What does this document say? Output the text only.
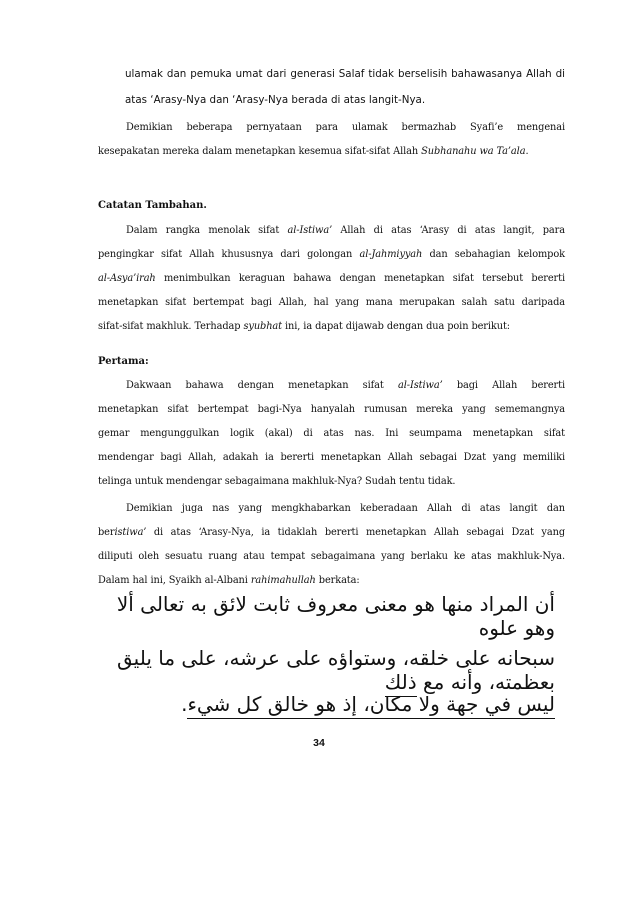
ulamak dan pemuka umat dari generasi Salaf tidak berselisih bahawasanya Allah di
atas ‘Arasy-Nya dan ‘Arasy-Nya berada di atas langit-Nya.
Demikian beberapa pernyataan para ulamak bermazhab Syafi’e mengenai
kesepakatan mereka dalam menetapkan kesemua sifat-sifat Allah Subhanahu wa Ta’ala.
Catatan Tambahan.
Dalam rangka menolak sifat al-Istiwa’ Allah di atas ‘Arasy di atas langit, para
pengingkar sifat Allah khususnya dari golongan al-Jahmiyyah dan sebahagian kelompok
al-Asya’irah menimbulkan keraguan bahawa dengan menetapkan sifat tersebut bererti
menetapkan sifat bertempat bagi Allah, hal yang mana merupakan salah satu daripada
sifat-sifat makhluk. Terhadap syubhat ini, ia dapat dijawab dengan dua poin berikut:
Pertama:
Dakwaan bahawa dengan menetapkan sifat al-Istiwa’ bagi Allah bererti
menetapkan sifat bertempat bagi-Nya hanyalah rumusan mereka yang sememangnya
gemar mengunggulkan logik (akal) di atas nas. Ini seumpama menetapkan sifat
mendengar bagi Allah, adakah ia bererti menetapkan Allah sebagai Dzat yang memiliki
telinga untuk mendengar sebagaimana makhluk-Nya? Sudah tentu tidak.
Demikian juga nas yang mengkhabarkan keberadaan Allah di atas langit dan
beristiwa’ di atas ‘Arasy-Nya, ia tidaklah bererti menetapkan Allah sebagai Dzat yang
diliputi oleh sesuatu ruang atau tempat sebagaimana yang berlaku ke atas makhluk-Nya.
Dalam hal ini, Syaikh al-Albani rahimahullah berkata:
أن المراد منها هو معنى معروف ثابت لائق به تعالى ألا وهو علوه
سبحانه على خلقه، وستواؤه على عرشه، على ما يليق بعظمته، وأنه مع ذلك
ليس في جهة ولا مكان، إذ هو خالق كل شيء.
34
